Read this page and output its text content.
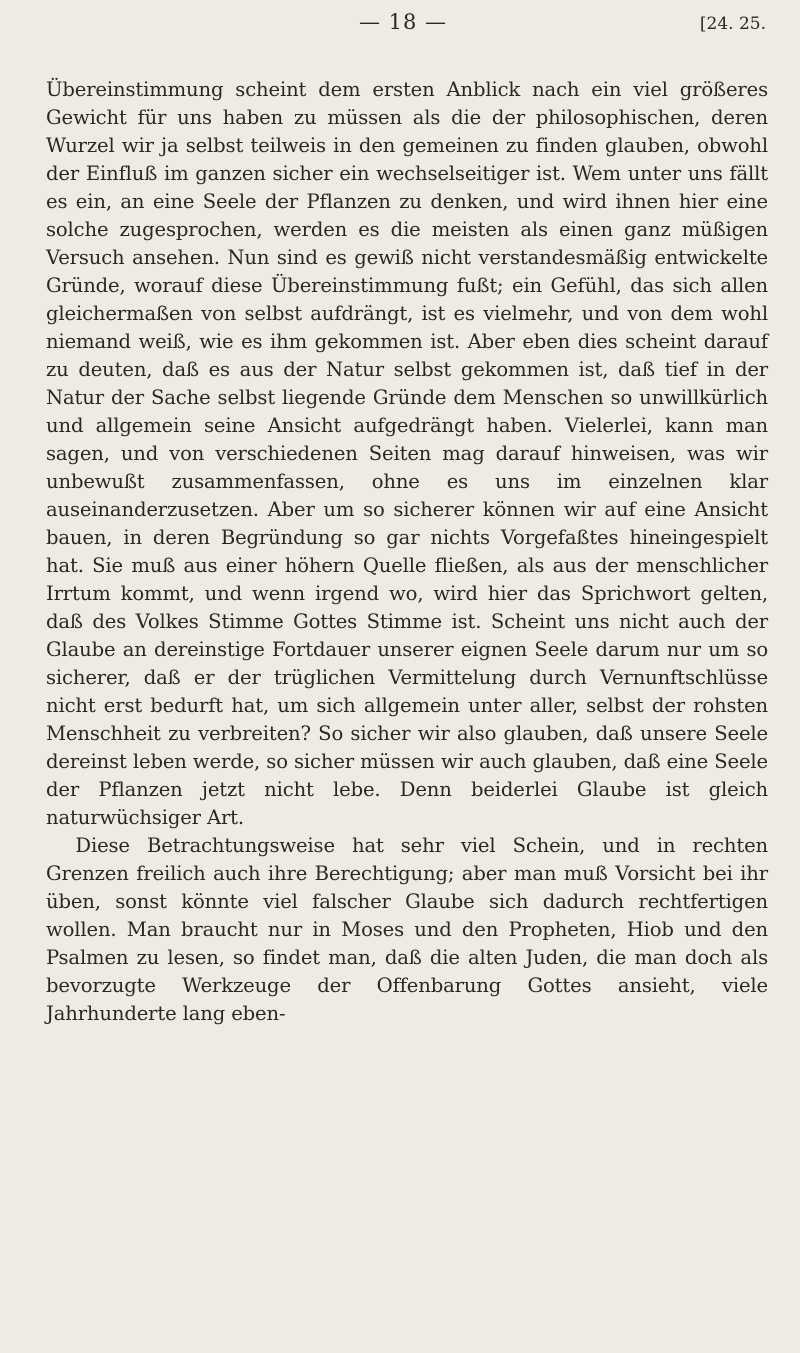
— 18 —	[24. 25.

Übereinstimmung scheint dem ersten Anblick nach ein viel größeres Gewicht für uns haben zu müssen als die der philosophischen, deren Wurzel wir ja selbst teilweis in den gemeinen zu finden glauben, obwohl der Einfluß im ganzen sicher ein wechselseitiger ist. Wem unter uns fällt es ein, an eine Seele der Pflanzen zu denken, und wird ihnen hier eine solche zugesprochen, werden es die meisten als einen ganz müßigen Versuch ansehen. Nun sind es gewiß nicht verstandesmäßig entwickelte Gründe, worauf diese Übereinstimmung fußt; ein Gefühl, das sich allen gleichermaßen von selbst aufdrängt, ist es vielmehr, und von dem wohl niemand weiß, wie es ihm gekommen ist. Aber eben dies scheint darauf zu deuten, daß es aus der Natur selbst gekommen ist, daß tief in der Natur der Sache selbst liegende Gründe dem Menschen so unwillkürlich und allgemein seine Ansicht aufgedrängt haben. Vielerlei, kann man sagen, und von verschiedenen Seiten mag darauf hinweisen, was wir unbewußt zusammenfassen, ohne es uns im einzelnen klar auseinanderzusetzen. Aber um so sicherer können wir auf eine Ansicht bauen, in deren Begründung so gar nichts Vorgefaßtes hineingespielt hat. Sie muß aus einer höhern Quelle fließen, als aus der menschlicher Irrtum kommt, und wenn irgend wo, wird hier das Sprichwort gelten, daß des Volkes Stimme Gottes Stimme ist. Scheint uns nicht auch der Glaube an dereinstige Fortdauer unserer eignen Seele darum nur um so sicherer, daß er der trüglichen Vermittelung durch Vernunftschlüsse nicht erst bedurft hat, um sich allgemein unter aller, selbst der rohsten Menschheit zu verbreiten? So sicher wir also glauben, daß unsere Seele dereinst leben werde, so sicher müssen wir auch glauben, daß eine Seele der Pflanzen jetzt nicht lebe. Denn beiderlei Glaube ist gleich naturwüchsiger Art.

Diese Betrachtungsweise hat sehr viel Schein, und in rechten Grenzen freilich auch ihre Berechtigung; aber man muß Vorsicht bei ihr üben, sonst könnte viel falscher Glaube sich dadurch rechtfertigen wollen. Man braucht nur in Moses und den Propheten, Hiob und den Psalmen zu lesen, so findet man, daß die alten Juden, die man doch als bevorzugte Werkzeuge der Offenbarung Gottes ansieht, viele Jahrhunderte lang eben-
